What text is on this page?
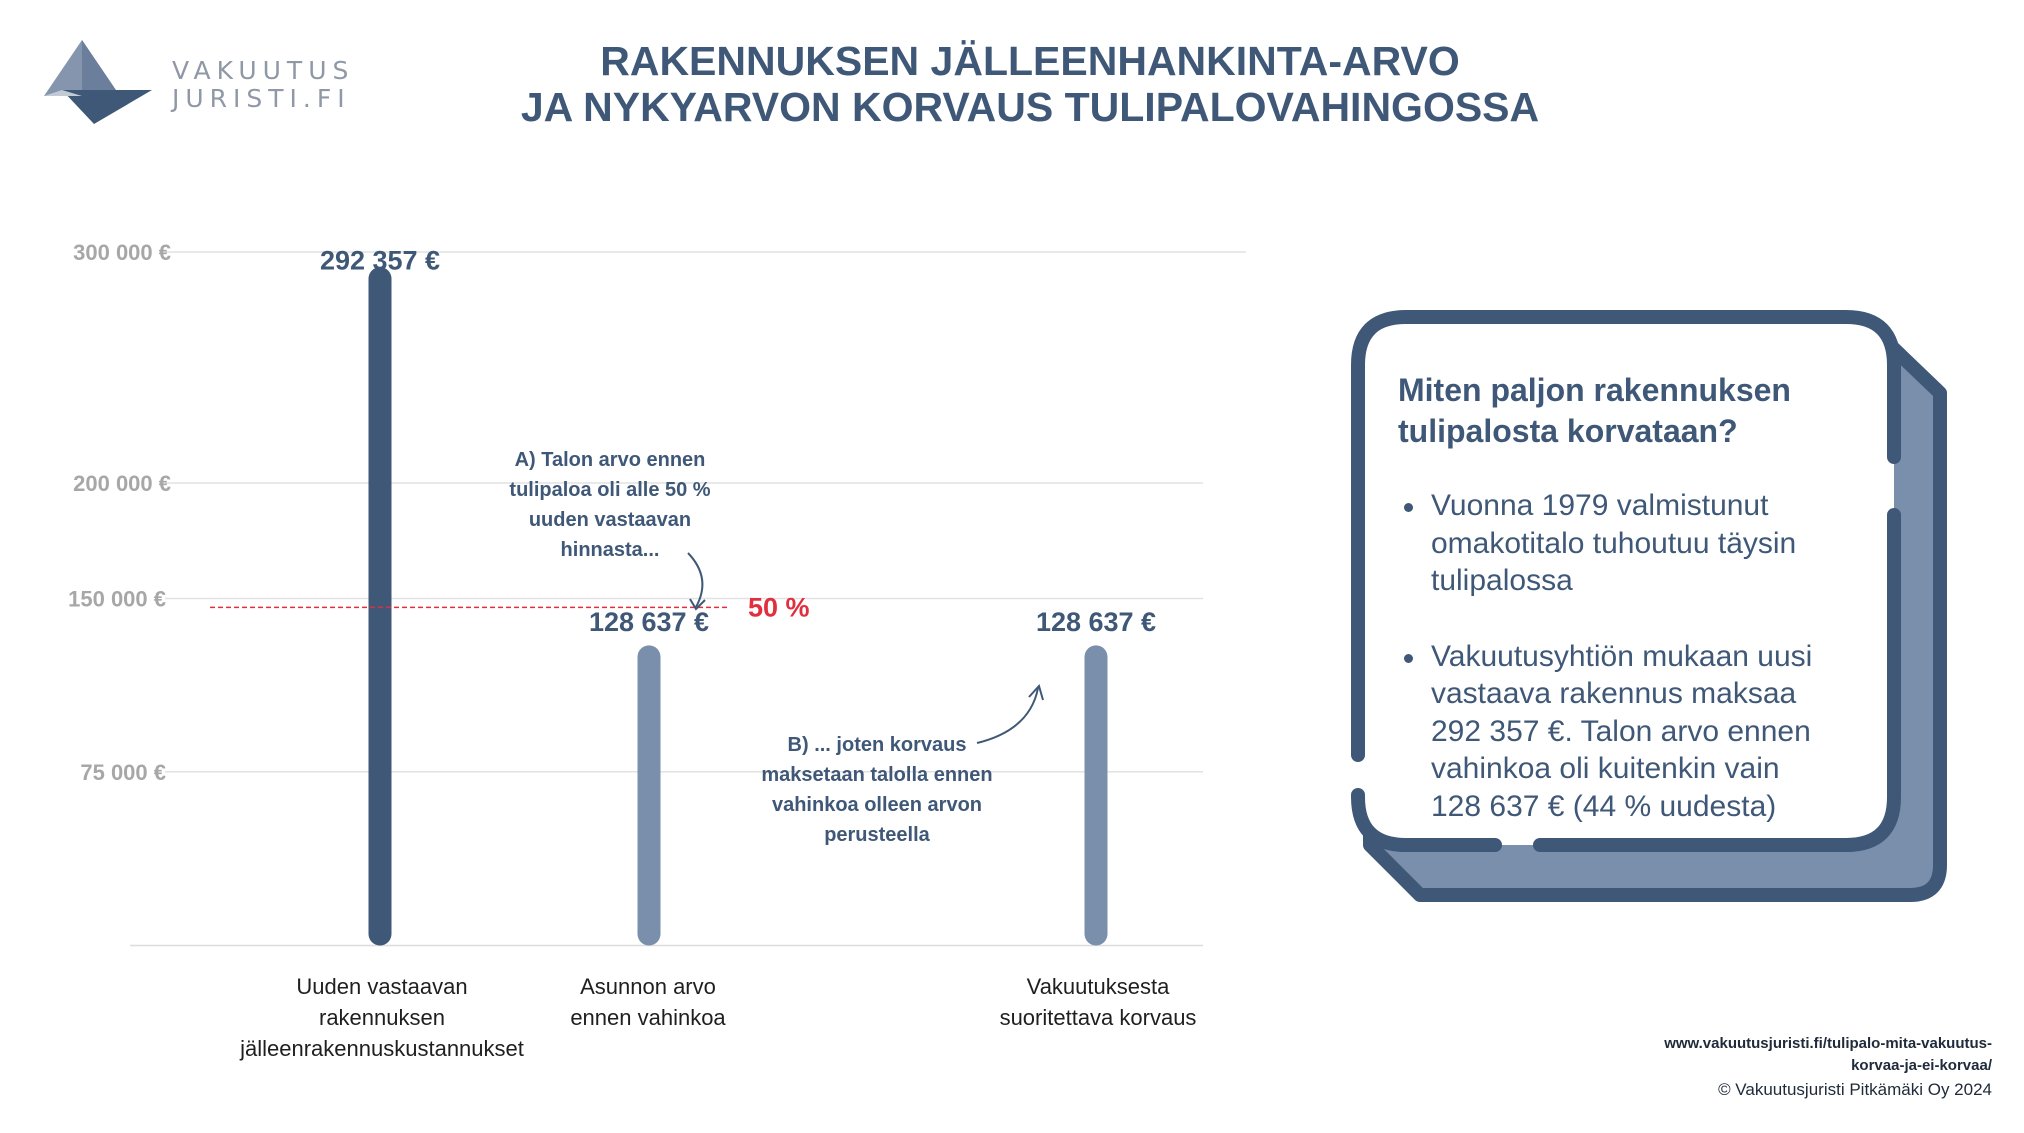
VAKUUTUS
JURISTI.FI
RAKENNUKSEN JÄLLEENHANKINTA-ARVO
JA NYKYARVON KORVAUS TULIPALOVAHINGOSSA
300 000 €
200 000 €
150 000 €
75 000 €
292 357 €
128 637 €	128 637 €
50 %
Uuden vastaavan
rakennuksen
jälleenrakennuskustannukset
Asunnon arvo
ennen vahinkoa
Vakuutuksesta
suoritettava korvaus
A) Talon arvo ennen
tulipaloa oli alle 50 %
uuden vastaavan
hinnasta...
B) ... joten korvaus
maksetaan talolla ennen
vahinkoa olleen arvon
perusteella
Miten paljon rakennuksen
tulipalosta korvataan?
Vuonna 1979 valmistunut
omakotitalo tuhoutuu täysin
tulipalossa
Vakuutusyhtiön mukaan uusi
vastaava rakennus maksaa
292 357 €. Talon arvo ennen
vahinkoa oli kuitenkin vain
128 637 € (44 % uudesta)
www.vakuutusjuristi.fi/tulipalo-mita-vakuutus-
korvaa-ja-ei-korvaa/
© Vakuutusjuristi Pitkämäki Oy 2024
